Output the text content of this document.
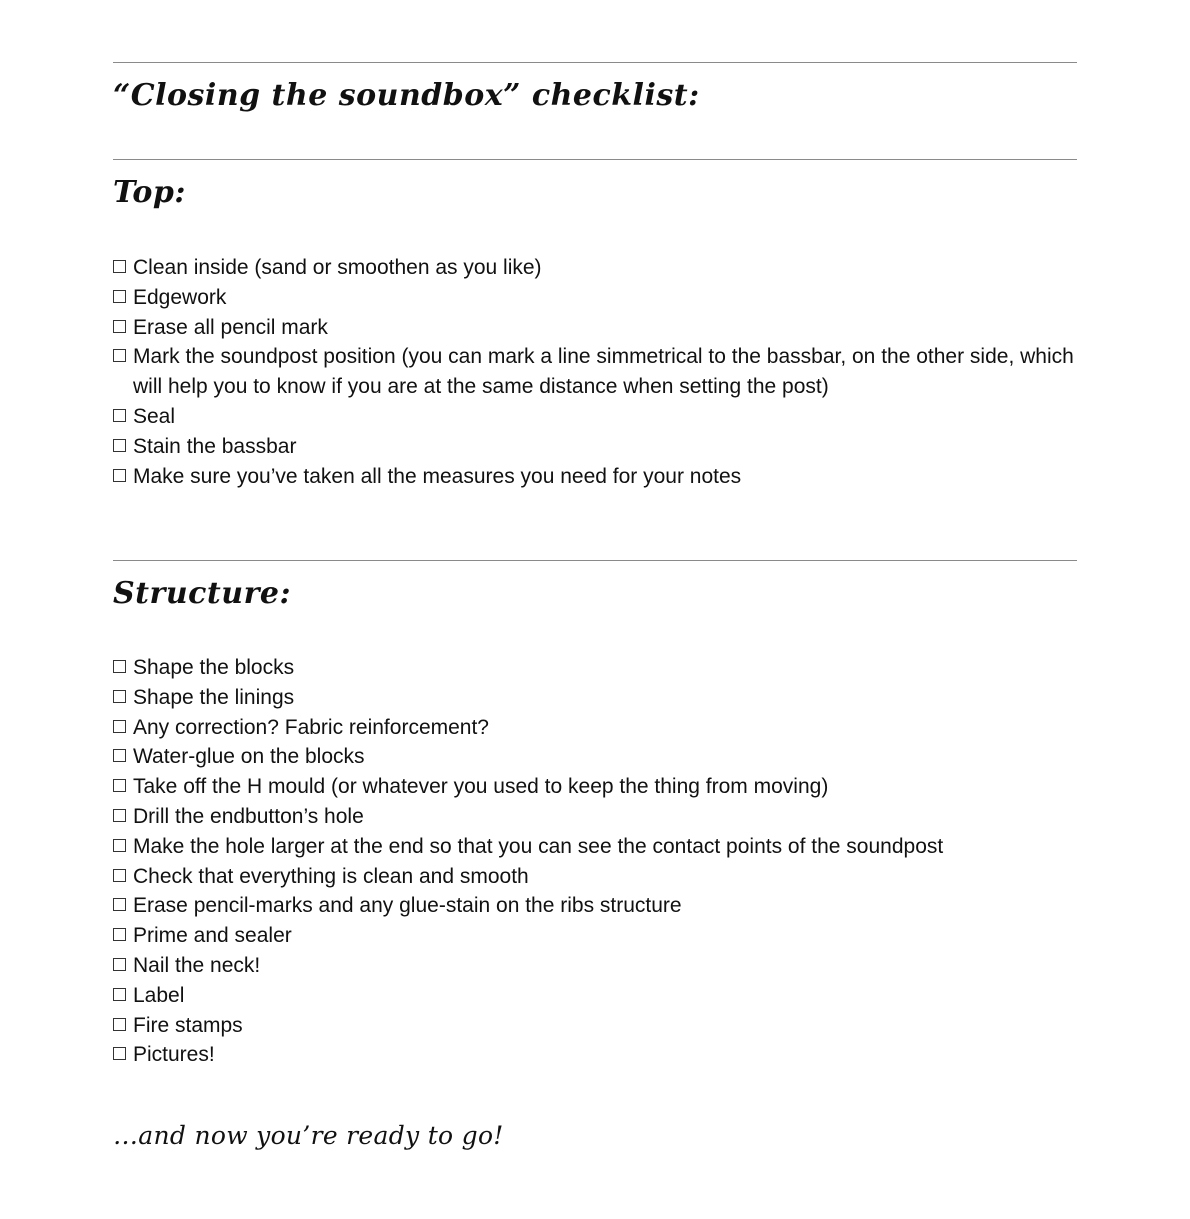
“Closing the soundbox” checklist:
Top:
Clean inside (sand or smoothen as you like)
Edgework
Erase all pencil mark
Mark the soundpost position (you can mark a line simmetrical to the bassbar, on the other side, which will help you to know if you are at the same distance when setting the post)
Seal
Stain the bassbar
Make sure you’ve taken all the measures you need for your notes
Structure:
Shape the blocks
Shape the linings
Any correction? Fabric reinforcement?
Water-glue on the blocks
Take off the H mould (or whatever you used to keep the thing from moving)
Drill the endbutton’s hole
Make the hole larger at the end so that you can see the contact points of the soundpost
Check that everything is clean and smooth
Erase pencil-marks and any glue-stain on the ribs structure
Prime and sealer
Nail the neck!
Label
Fire stamps
Pictures!

…and now you’re ready to go!
